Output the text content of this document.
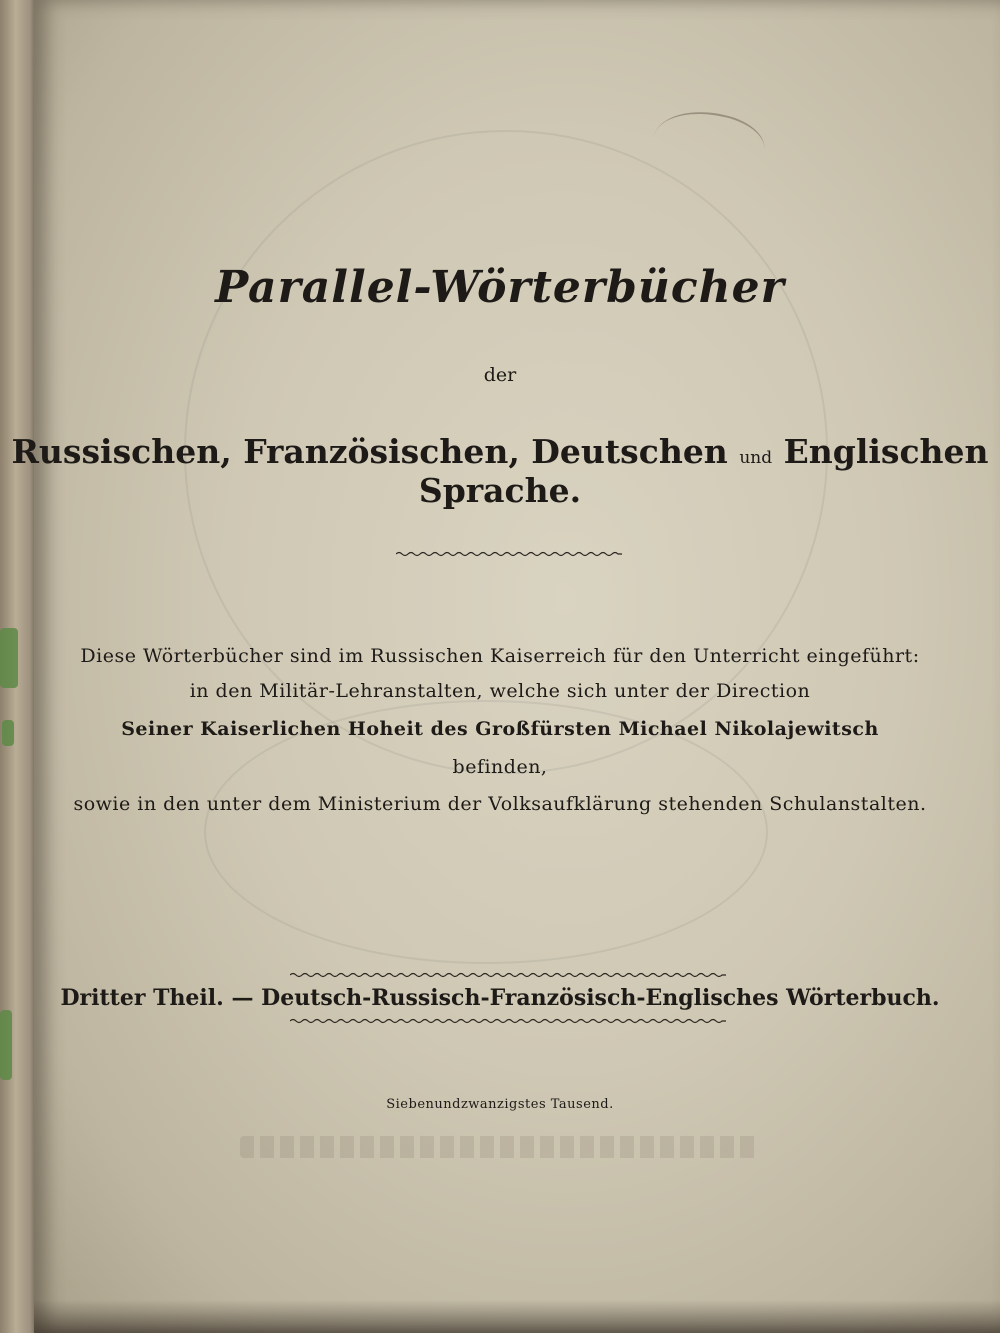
Parallel-Wörterbücher

der

Russischen, Französischen, Deutschen und Englischen Sprache.

Diese Wörterbücher sind im Russischen Kaiserreich für den Unterricht eingeführt:

in den Militär-Lehranstalten, welche sich unter der Direction

Seiner Kaiserlichen Hoheit des Großfürsten Michael Nikolajewitsch

befinden,

sowie in den unter dem Ministerium der Volksaufklärung stehenden Schulanstalten.

Dritter Theil. — Deutsch-Russisch-Französisch-Englisches Wörterbuch.

Siebenundzwanzigstes Tausend.
